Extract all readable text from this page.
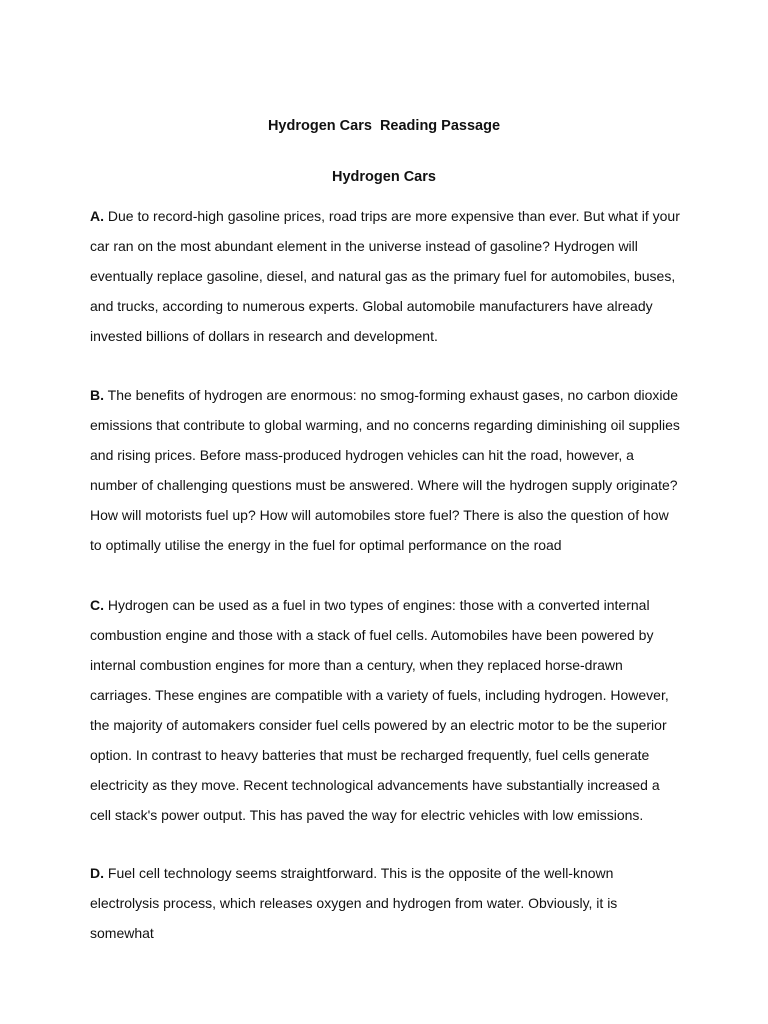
Hydrogen Cars  Reading Passage
Hydrogen Cars

A. Due to record-high gasoline prices, road trips are more expensive than ever. But what if your car ran on the most abundant element in the universe instead of gasoline? Hydrogen will eventually replace gasoline, diesel, and natural gas as the primary fuel for automobiles, buses, and trucks, according to numerous experts. Global automobile manufacturers have already invested billions of dollars in research and development.

B. The benefits of hydrogen are enormous: no smog-forming exhaust gases, no carbon dioxide emissions that contribute to global warming, and no concerns regarding diminishing oil supplies and rising prices. Before mass-produced hydrogen vehicles can hit the road, however, a number of challenging questions must be answered. Where will the hydrogen supply originate? How will motorists fuel up? How will automobiles store fuel? There is also the question of how to optimally utilise the energy in the fuel for optimal performance on the road

C. Hydrogen can be used as a fuel in two types of engines: those with a converted internal combustion engine and those with a stack of fuel cells. Automobiles have been powered by internal combustion engines for more than a century, when they replaced horse-drawn carriages. These engines are compatible with a variety of fuels, including hydrogen. However, the majority of automakers consider fuel cells powered by an electric motor to be the superior option. In contrast to heavy batteries that must be recharged frequently, fuel cells generate electricity as they move. Recent technological advancements have substantially increased a cell stack's power output. This has paved the way for electric vehicles with low emissions.

D. Fuel cell technology seems straightforward. This is the opposite of the well-known electrolysis process, which releases oxygen and hydrogen from water. Obviously, it is somewhat
